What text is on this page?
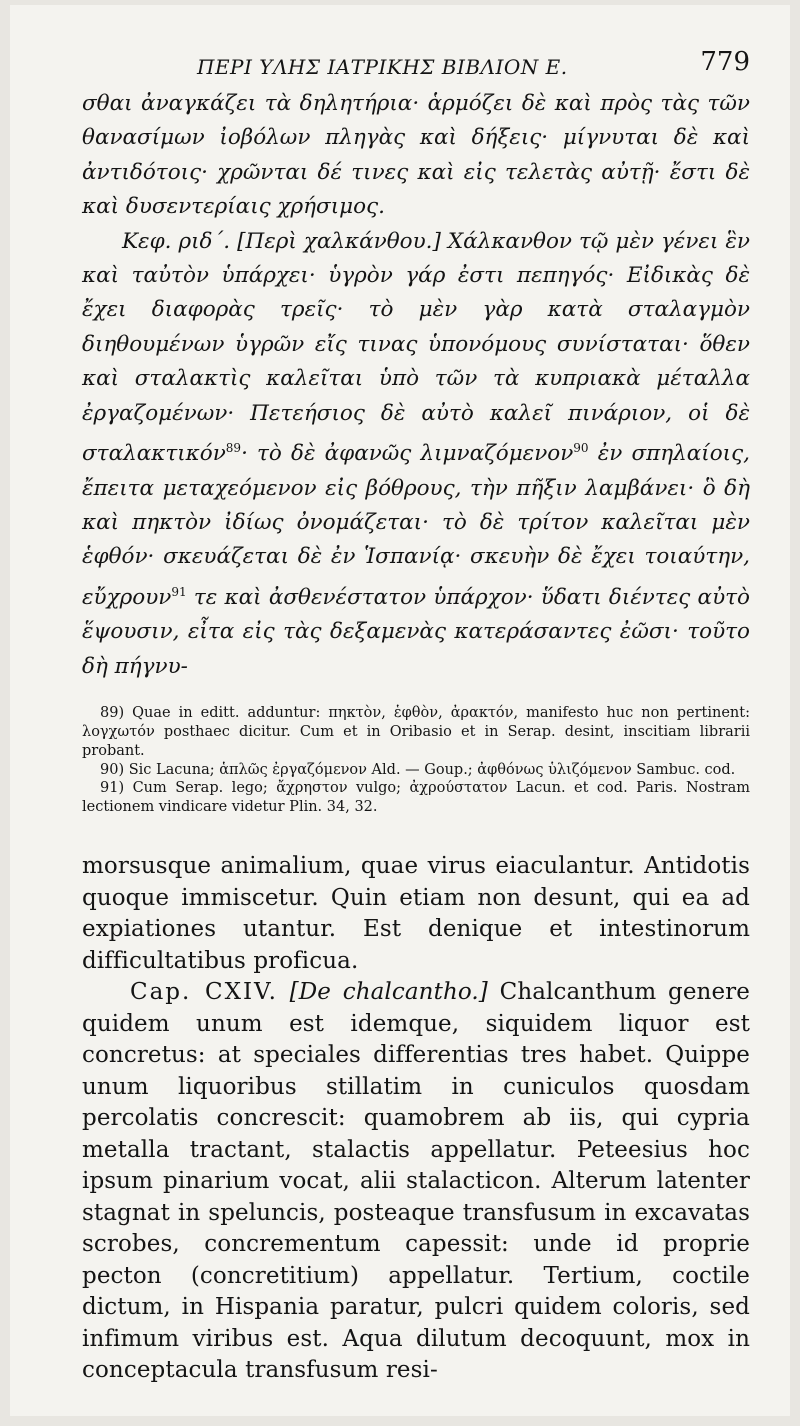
ΠΕΡΙ ΥΛΗΣ ΙΑΤΡΙΚΗΣ ΒΙΒΛΙΟΝ Ε.	779

σθαι ἀναγκάζει τὰ δηλητήρια· ἁρμόζει δὲ καὶ πρὸς τὰς τῶν θανασίμων ἰοβόλων πληγὰς καὶ δήξεις· μίγνυται δὲ καὶ ἀντιδότοις· χρῶνται δέ τινες καὶ εἰς τελετὰς αὐτῇ· ἔστι δὲ καὶ δυσεντερίαις χρήσιμος.

Κεφ. ριδ΄. [Περὶ χαλκάνθου.] Χάλκανθον τῷ μὲν γένει ἓν καὶ ταὐτὸν ὑπάρχει· ὑγρὸν γάρ ἐστι πεπηγός· Εἰδικὰς δὲ ἔχει διαφορὰς τρεῖς· τὸ μὲν γὰρ κατὰ σταλαγμὸν διηθουμένων ὑγρῶν εἴς τινας ὑπονόμους συνίσταται· ὅθεν καὶ σταλακτὶς καλεῖται ὑπὸ τῶν τὰ κυπριακὰ μέταλλα ἐργαζομένων· Πετεήσιος δὲ αὐτὸ καλεῖ πινάριον, οἱ δὲ σταλακτικόν$^{89}$· τὸ δὲ ἀφανῶς λιμναζόμενον$^{90}$ ἐν σπηλαίοις, ἔπειτα μεταχεόμενον εἰς βόθρους, τὴν πῆξιν λαμβάνει· ὃ δὴ καὶ πηκτὸν ἰδίως ὀνομάζεται· τὸ δὲ τρίτον καλεῖται μὲν ἑφθόν· σκευάζεται δὲ ἐν Ἱσπανίᾳ· σκευὴν δὲ ἔχει τοιαύτην, εὔχρουν$^{91}$ τε καὶ ἀσθενέστατον ὑπάρχον· ὕδατι διέντες αὐτὸ ἕψουσιν, εἶτα εἰς τὰς δεξαμενὰς κατεράσαντες ἐῶσι· τοῦτο δὴ πήγνυ-

89) Quae in editt. adduntur: πηκτὸν, ἑφθὸν, ἀρακτόν, manifesto huc non pertinent: λογχωτόν posthaec dicitur. Cum et in Oribasio et in Serap. desint, inscitiam librarii probant.

90) Sic Lacuna; ἁπλῶς ἐργαζόμενον Ald. — Goup.; ἀφθόνως ὑλιζόμενον Sambuc. cod.

91) Cum Serap. lego; ἄχρηστον vulgo; ἀχρούστατον Lacun. et cod. Paris. Nostram lectionem vindicare videtur Plin. 34, 32.

morsusque animalium, quae virus eiaculantur. Antidotis quoque immiscetur. Quin etiam non desunt, qui ea ad expiationes utantur. Est denique et intestinorum difficultatibus proficua.

Cap. CXIV. [De chalcantho.] Chalcanthum genere quidem unum est idemque, siquidem liquor est concretus: at speciales differentias tres habet. Quippe unum liquoribus stillatim in cuniculos quosdam percolatis concrescit: quamobrem ab iis, qui cypria metalla tractant, stalactis appellatur. Peteesius hoc ipsum pinarium vocat, alii stalacticon. Alterum latenter stagnat in speluncis, posteaque transfusum in excavatas scrobes, concrementum capessit: unde id proprie pecton (concretitium) appellatur. Tertium, coctile dictum, in Hispania paratur, pulcri quidem coloris, sed infimum viribus est. Aqua dilutum decoquunt, mox in conceptacula transfusum resi-
